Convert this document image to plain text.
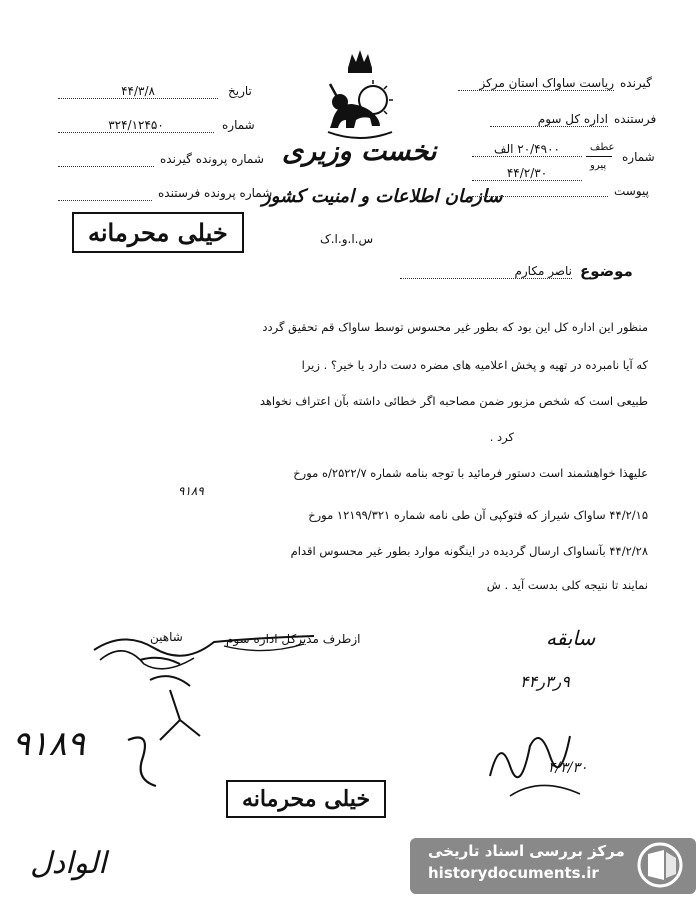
نخست وزیری
سازمان اطلاعات و امنیت کشور
س.ا.و.ا.ک
تاریخ
۴۴/۳/۸
شماره
۳۲۴/۱۲۴۵۰
شماره پرونده گیرنده
شماره پرونده فرستنده
گیرنده
ریاست ساواک استان مرکز
فرستنده
اداره کل سوم
شماره
عطف
پیرو
۲۰/۴۹۰۰ الف
۴۴/۲/۳۰
پیوست
خیلی محرمانه
موضوع
ناصر مکارم
منظور این اداره کل این بود که بطور غیر محسوس توسط ساواک قم تحقیق گردد
که آیا نامبرده در تهیه و پخش اعلامیه های مضره دست دارد یا خیر؟ . زیرا
طبیعی است که شخص مزبور ضمن مصاحبه اگر خطائی داشته بآن اعتراف نخواهد
کرد .
علیهذا خواهشمند است دستور فرمائید با توجه بنامه شماره ۲۵۲۲/۷/ه مورخ
۹۱۸۹
۴۴/۲/۱۵ ساواک شیراز که فتوکپی آن طی نامه شماره ۱۲۱۹۹/۳۲۱ مورخ
۴۴/۲/۲۸ بآنساواک ارسال گردیده در اینگونه موارد بطور غیر محسوس اقدام
نمایند تا نتیجه کلی بدست آید . ش
ازطرف مدیرکل اداره سوم
شاهین	سابقه
۹ر۳ر۴۴
۴/۳/۳۰
۹۱۸۹
خیلی محرمانه
الوادل	مرکز بررسی اسناد تاریخی
historydocuments.ir
